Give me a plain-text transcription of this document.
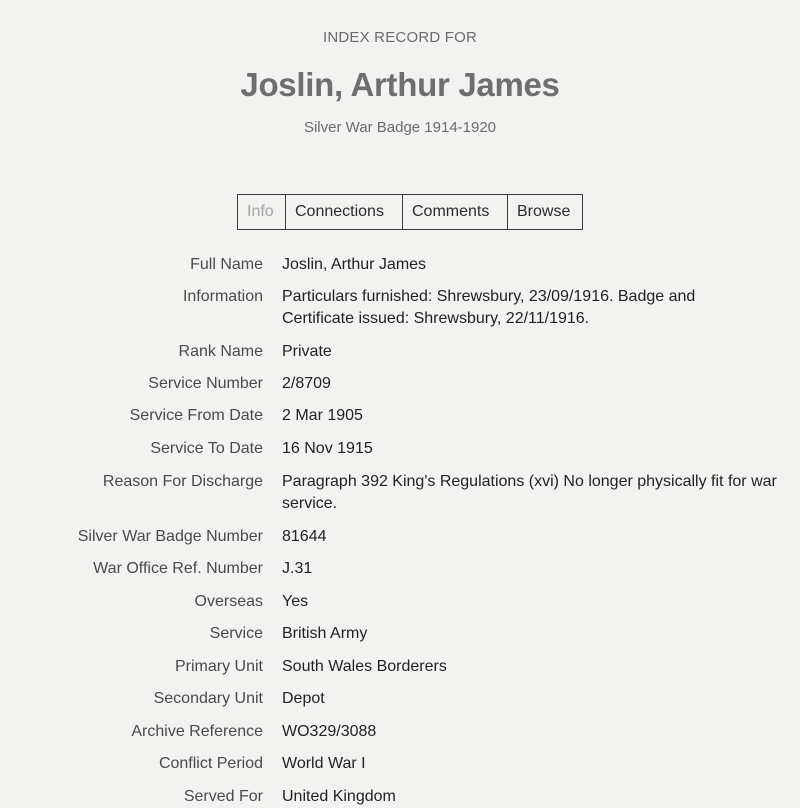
INDEX RECORD FOR
Joslin, Arthur James
Silver War Badge 1914-1920
Info	Connections	Comments	Browse
Full Name Joslin, Arthur James
Information Particulars furnished: Shrewsbury, 23/09/1916. Badge and Certificate issued: Shrewsbury, 22/11/1916.
Rank Name Private
Service Number 2/8709
Service From Date 2 Mar 1905
Service To Date 16 Nov 1915
Reason For Discharge Paragraph 392 King's Regulations (xvi) No longer physically fit for war service.
Silver War Badge Number 81644
War Office Ref. Number J.31
Overseas Yes
Service British Army
Primary Unit South Wales Borderers
Secondary Unit Depot
Archive Reference WO329/3088
Conflict Period World War I
Served For United Kingdom
